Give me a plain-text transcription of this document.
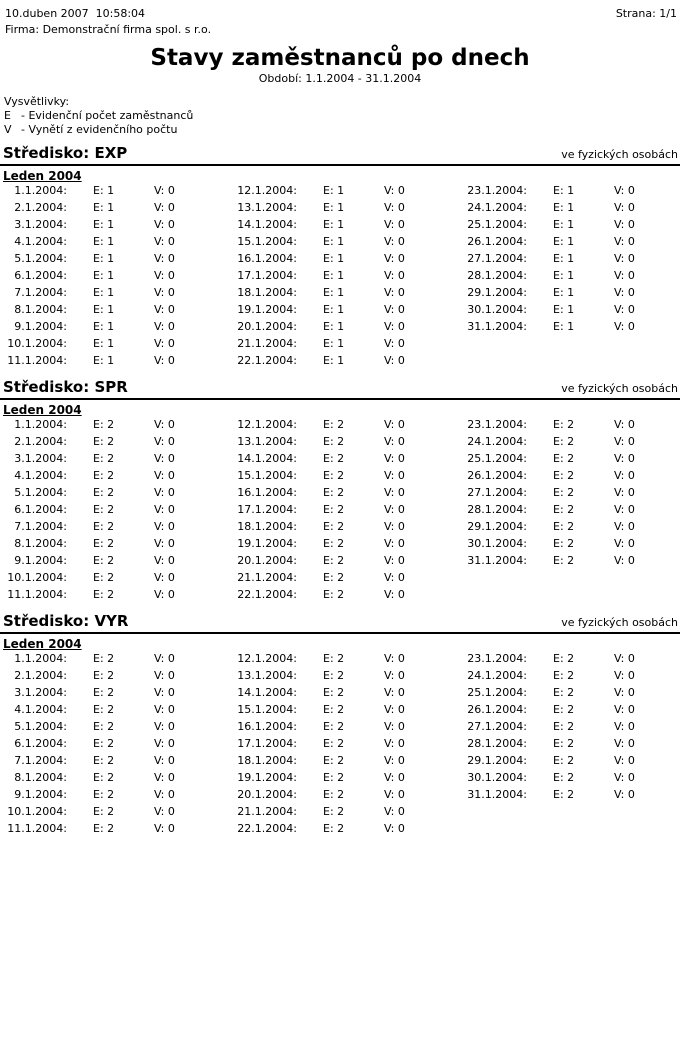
10.duben 2007  10:58:04	Strana: 1/1
Firma: Demonstrační firma spol. s r.o.
Stavy zaměstnanců po dnech
Období: 1.1.2004 - 31.1.2004
Vysvětlivky:
E - Evidenční počet zaměstnanců
V - Vynětí z evidenčního počtu
Středisko: EXP	ve fyzických osobách
Leden 2004
1.1.2004:	E: 1	V: 0	12.1.2004:	E: 1	V: 0	23.1.2004:	E: 1	V: 0
2.1.2004:	E: 1	V: 0	13.1.2004:	E: 1	V: 0	24.1.2004:	E: 1	V: 0
3.1.2004:	E: 1	V: 0	14.1.2004:	E: 1	V: 0	25.1.2004:	E: 1	V: 0
4.1.2004:	E: 1	V: 0	15.1.2004:	E: 1	V: 0	26.1.2004:	E: 1	V: 0
5.1.2004:	E: 1	V: 0	16.1.2004:	E: 1	V: 0	27.1.2004:	E: 1	V: 0
6.1.2004:	E: 1	V: 0	17.1.2004:	E: 1	V: 0	28.1.2004:	E: 1	V: 0
7.1.2004:	E: 1	V: 0	18.1.2004:	E: 1	V: 0	29.1.2004:	E: 1	V: 0
8.1.2004:	E: 1	V: 0	19.1.2004:	E: 1	V: 0	30.1.2004:	E: 1	V: 0
9.1.2004:	E: 1	V: 0	20.1.2004:	E: 1	V: 0	31.1.2004:	E: 1	V: 0
10.1.2004:	E: 1	V: 0	21.1.2004:	E: 1	V: 0
11.1.2004:	E: 1	V: 0	22.1.2004:	E: 1	V: 0
Středisko: SPR	ve fyzických osobách
Leden 2004
1.1.2004:	E: 2	V: 0	12.1.2004:	E: 2	V: 0	23.1.2004:	E: 2	V: 0
2.1.2004:	E: 2	V: 0	13.1.2004:	E: 2	V: 0	24.1.2004:	E: 2	V: 0
3.1.2004:	E: 2	V: 0	14.1.2004:	E: 2	V: 0	25.1.2004:	E: 2	V: 0
4.1.2004:	E: 2	V: 0	15.1.2004:	E: 2	V: 0	26.1.2004:	E: 2	V: 0
5.1.2004:	E: 2	V: 0	16.1.2004:	E: 2	V: 0	27.1.2004:	E: 2	V: 0
6.1.2004:	E: 2	V: 0	17.1.2004:	E: 2	V: 0	28.1.2004:	E: 2	V: 0
7.1.2004:	E: 2	V: 0	18.1.2004:	E: 2	V: 0	29.1.2004:	E: 2	V: 0
8.1.2004:	E: 2	V: 0	19.1.2004:	E: 2	V: 0	30.1.2004:	E: 2	V: 0
9.1.2004:	E: 2	V: 0	20.1.2004:	E: 2	V: 0	31.1.2004:	E: 2	V: 0
10.1.2004:	E: 2	V: 0	21.1.2004:	E: 2	V: 0
11.1.2004:	E: 2	V: 0	22.1.2004:	E: 2	V: 0
Středisko: VYR	ve fyzických osobách
Leden 2004
1.1.2004:	E: 2	V: 0	12.1.2004:	E: 2	V: 0	23.1.2004:	E: 2	V: 0
2.1.2004:	E: 2	V: 0	13.1.2004:	E: 2	V: 0	24.1.2004:	E: 2	V: 0
3.1.2004:	E: 2	V: 0	14.1.2004:	E: 2	V: 0	25.1.2004:	E: 2	V: 0
4.1.2004:	E: 2	V: 0	15.1.2004:	E: 2	V: 0	26.1.2004:	E: 2	V: 0
5.1.2004:	E: 2	V: 0	16.1.2004:	E: 2	V: 0	27.1.2004:	E: 2	V: 0
6.1.2004:	E: 2	V: 0	17.1.2004:	E: 2	V: 0	28.1.2004:	E: 2	V: 0
7.1.2004:	E: 2	V: 0	18.1.2004:	E: 2	V: 0	29.1.2004:	E: 2	V: 0
8.1.2004:	E: 2	V: 0	19.1.2004:	E: 2	V: 0	30.1.2004:	E: 2	V: 0
9.1.2004:	E: 2	V: 0	20.1.2004:	E: 2	V: 0	31.1.2004:	E: 2	V: 0
10.1.2004:	E: 2	V: 0	21.1.2004:	E: 2	V: 0
11.1.2004:	E: 2	V: 0	22.1.2004:	E: 2	V: 0
